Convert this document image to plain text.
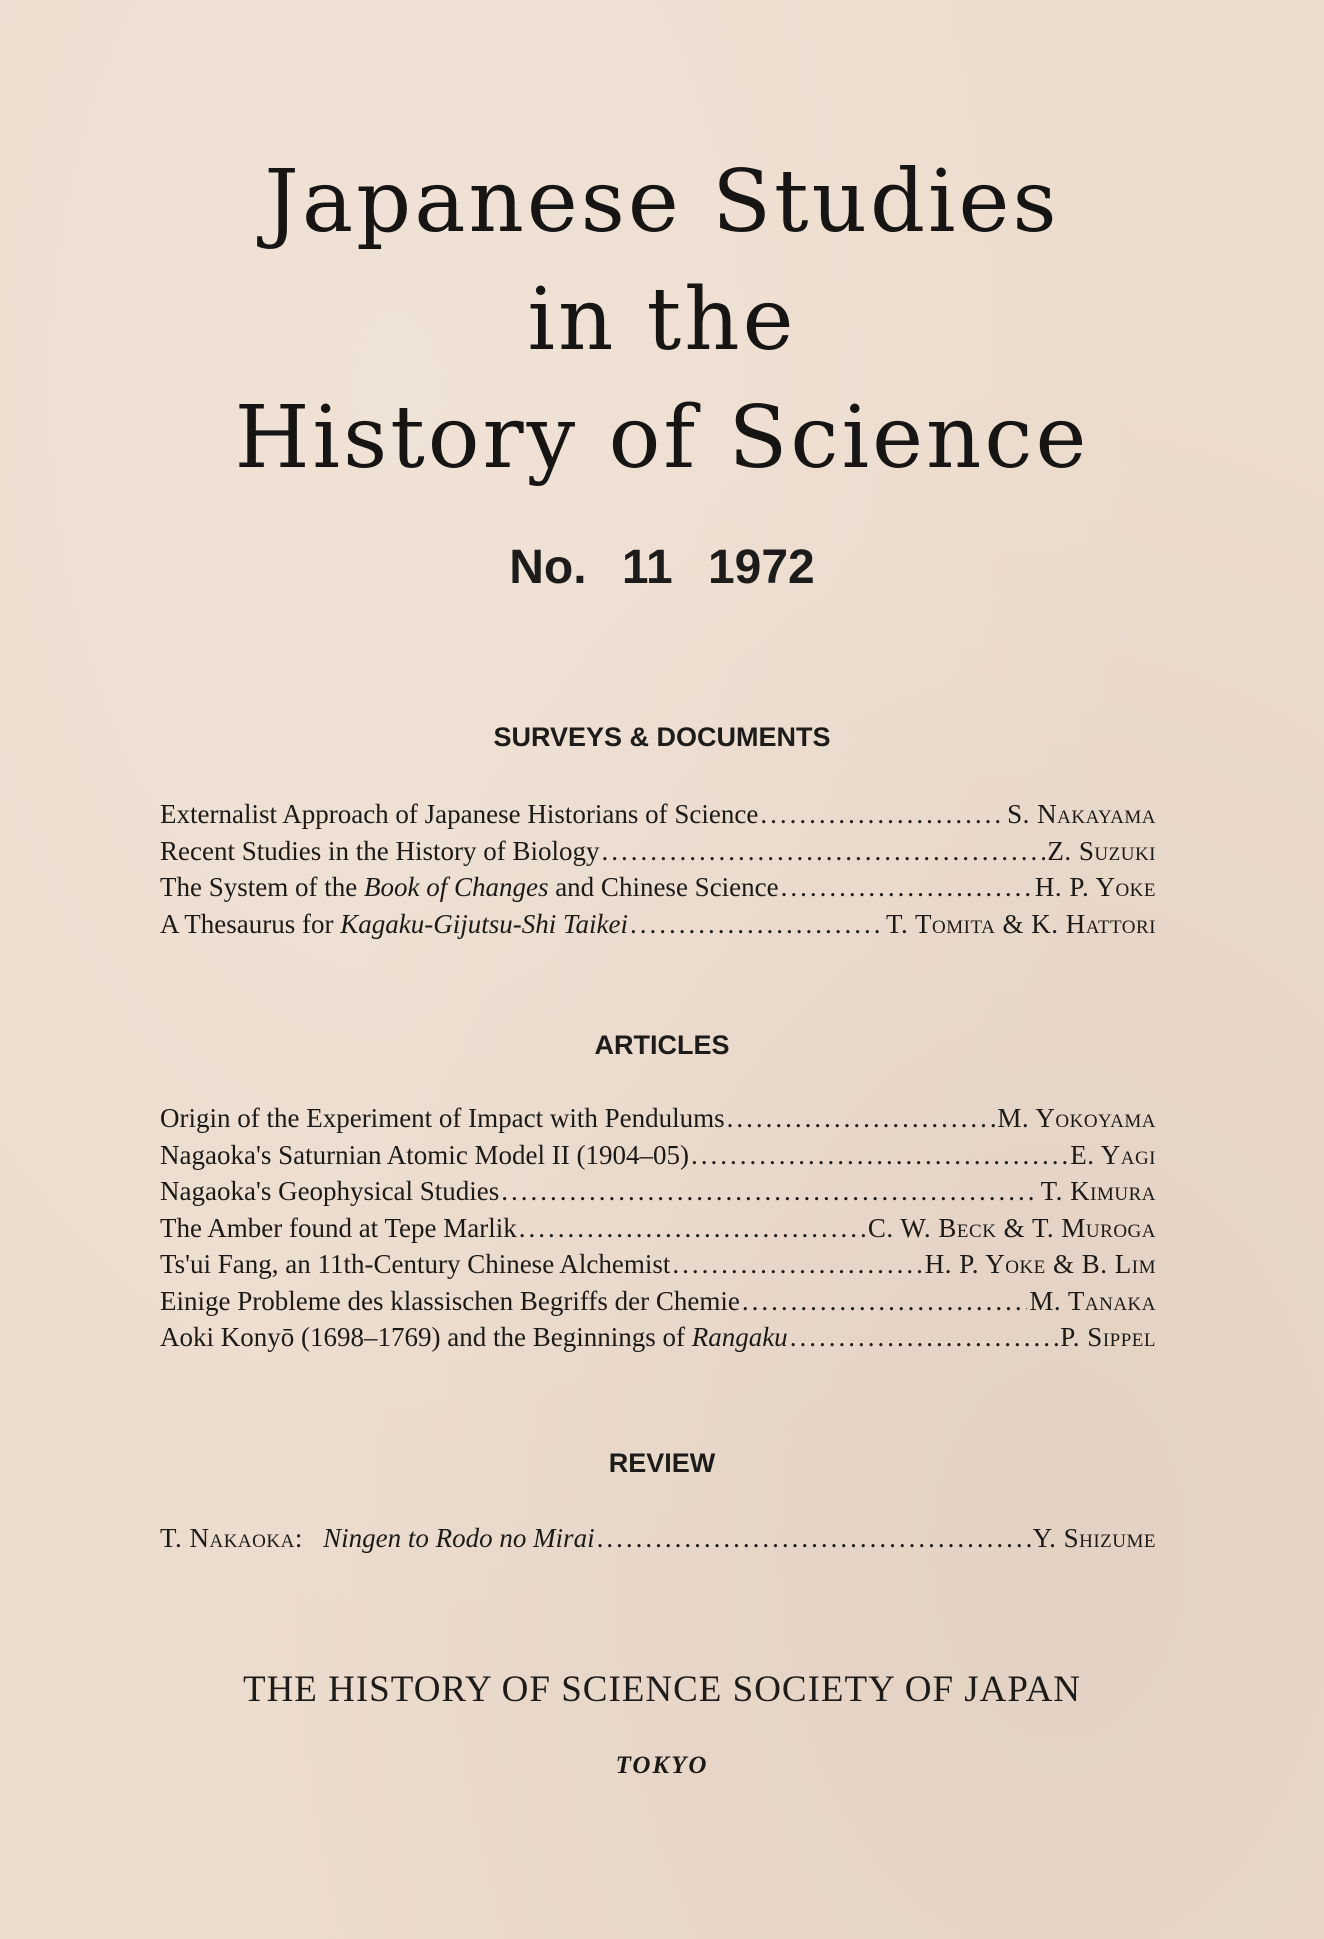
Japanese Studies
in the
History of Science
No. 11 1972
SURVEYS & DOCUMENTS
Externalist Approach of Japanese Historians of Science .....	S. Nakayama
Recent Studies in the History of Biology .....	Z. Suzuki
The System of the Book of Changes and Chinese Science .....	H. P. Yoke
A Thesaurus for Kagaku-Gijutsu-Shi Taikei .....	T. Tomita & K. Hattori
ARTICLES
Origin of the Experiment of Impact with Pendulums .....	M. Yokoyama
Nagaoka's Saturnian Atomic Model II (1904–05) .....	E. Yagi
Nagaoka's Geophysical Studies .....	T. Kimura
The Amber found at Tepe Marlik .....	C. W. Beck & T. Muroga
Ts'ui Fang, an 11th-Century Chinese Alchemist .....	H. P. Yoke & B. Lim
Einige Probleme des klassischen Begriffs der Chemie .....	M. Tanaka
Aoki Konyō (1698–1769) and the Beginnings of Rangaku .....	P. Sippel
REVIEW
T. Nakaoka: Ningen to Rodo no Mirai .....	Y. Shizume
THE HISTORY OF SCIENCE SOCIETY OF JAPAN
TOKYO
